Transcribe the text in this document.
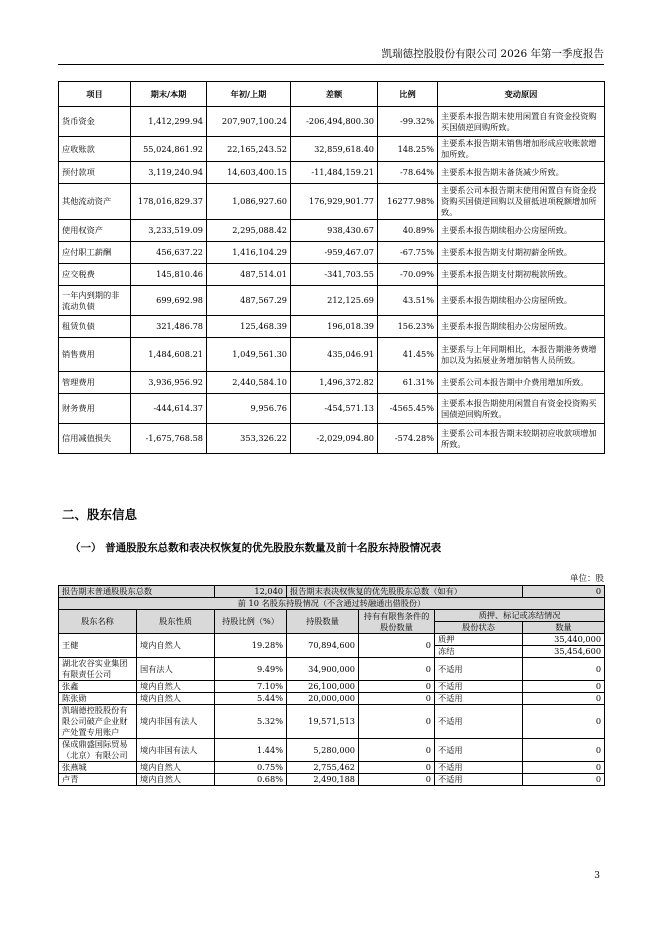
凯瑞德控股股份有限公司 2026 年第一季度报告
项目	期末/本期	年初/上期	差额	比例	变动原因
货币资金	1,412,299.94	207,907,100.24	-206,494,800.30	-99.32%	主要系本报告期末使用闲置自有资金投资购买国债逆回购所致。
应收账款	55,024,861.92	22,165,243.52	32,859,618.40	148.25%	主要系本报告期末销售增加形成应收账款增加所致。
预付款项	3,119,240.94	14,603,400.15	-11,484,159.21	-78.64%	主要系本报告期末备货减少所致。
其他流动资产	178,016,829.37	1,086,927.60	176,929,901.77	16277.98%	主要系公司本报告期末使用闲置自有资金投资购买国债逆回购以及留抵进项税额增加所致。
使用权资产	3,233,519.09	2,295,088.42	938,430.67	40.89%	主要系本报告期续租办公房屋所致。
应付职工薪酬	456,637.22	1,416,104.29	-959,467.07	-67.75%	主要系本报告期支付期初薪金所致。
应交税费	145,810.46	487,514.01	-341,703.55	-70.09%	主要系本报告期支付期初税款所致。
一年内到期的非流动负债	699,692.98	487,567.29	212,125.69	43.51%	主要系本报告期续租办公房屋所致。
租赁负债	321,486.78	125,468.39	196,018.39	156.23%	主要系本报告期续租办公房屋所致。
销售费用	1,484,608.21	1,049,561.30	435,046.91	41.45%	主要系与上年同期相比，本报告期港务费增加以及为拓展业务增加销售人员所致。
管理费用	3,936,956.92	2,440,584.10	1,496,372.82	61.31%	主要系公司本报告期中介费用增加所致。
财务费用	-444,614.37	9,956.76	-454,571.13	-4565.45%	主要系本报告期使用闲置自有资金投资购买国债逆回购所致。
信用减值损失	-1,675,768.58	353,326.22	-2,029,094.80	-574.28%	主要系公司本报告期末较期初应收款项增加所致。
二、股东信息
（一） 普通股股东总数和表决权恢复的优先股股东数量及前十名股东持股情况表
单位：股
报告期末普通股股东总数		12,040	报告期末表决权恢复的优先股股东总数（如有）			0
前 10 名股东持股情况（不含通过转融通出借股份）						
股东名称	股东性质	持股比例（%）	持股数量	持有有限售条件的股份数量	质押、标记或冻结情况	
					股份状态	数量
王健	境内自然人	19.28%	70,894,600	0	质押	35,440,000
					冻结	35,454,600
湖北农谷实业集团有限责任公司	国有法人	9.49%	34,900,000	0	不适用	0
张鑫	境内自然人	7.10%	26,100,000	0	不适用	0
陈张勋	境内自然人	5.44%	20,000,000	0	不适用	0
凯瑞德控股股份有限公司破产企业财产处置专用账户	境内非国有法人	5.32%	19,571,513	0	不适用	0
保成鼎盛国际贸易（北京）有限公司	境内非国有法人	1.44%	5,280,000	0	不适用	0
张燕城	境内自然人	0.75%	2,755,462	0	不适用	0
卢青	境内自然人	0.68%	2,490,188	0	不适用	0
3
